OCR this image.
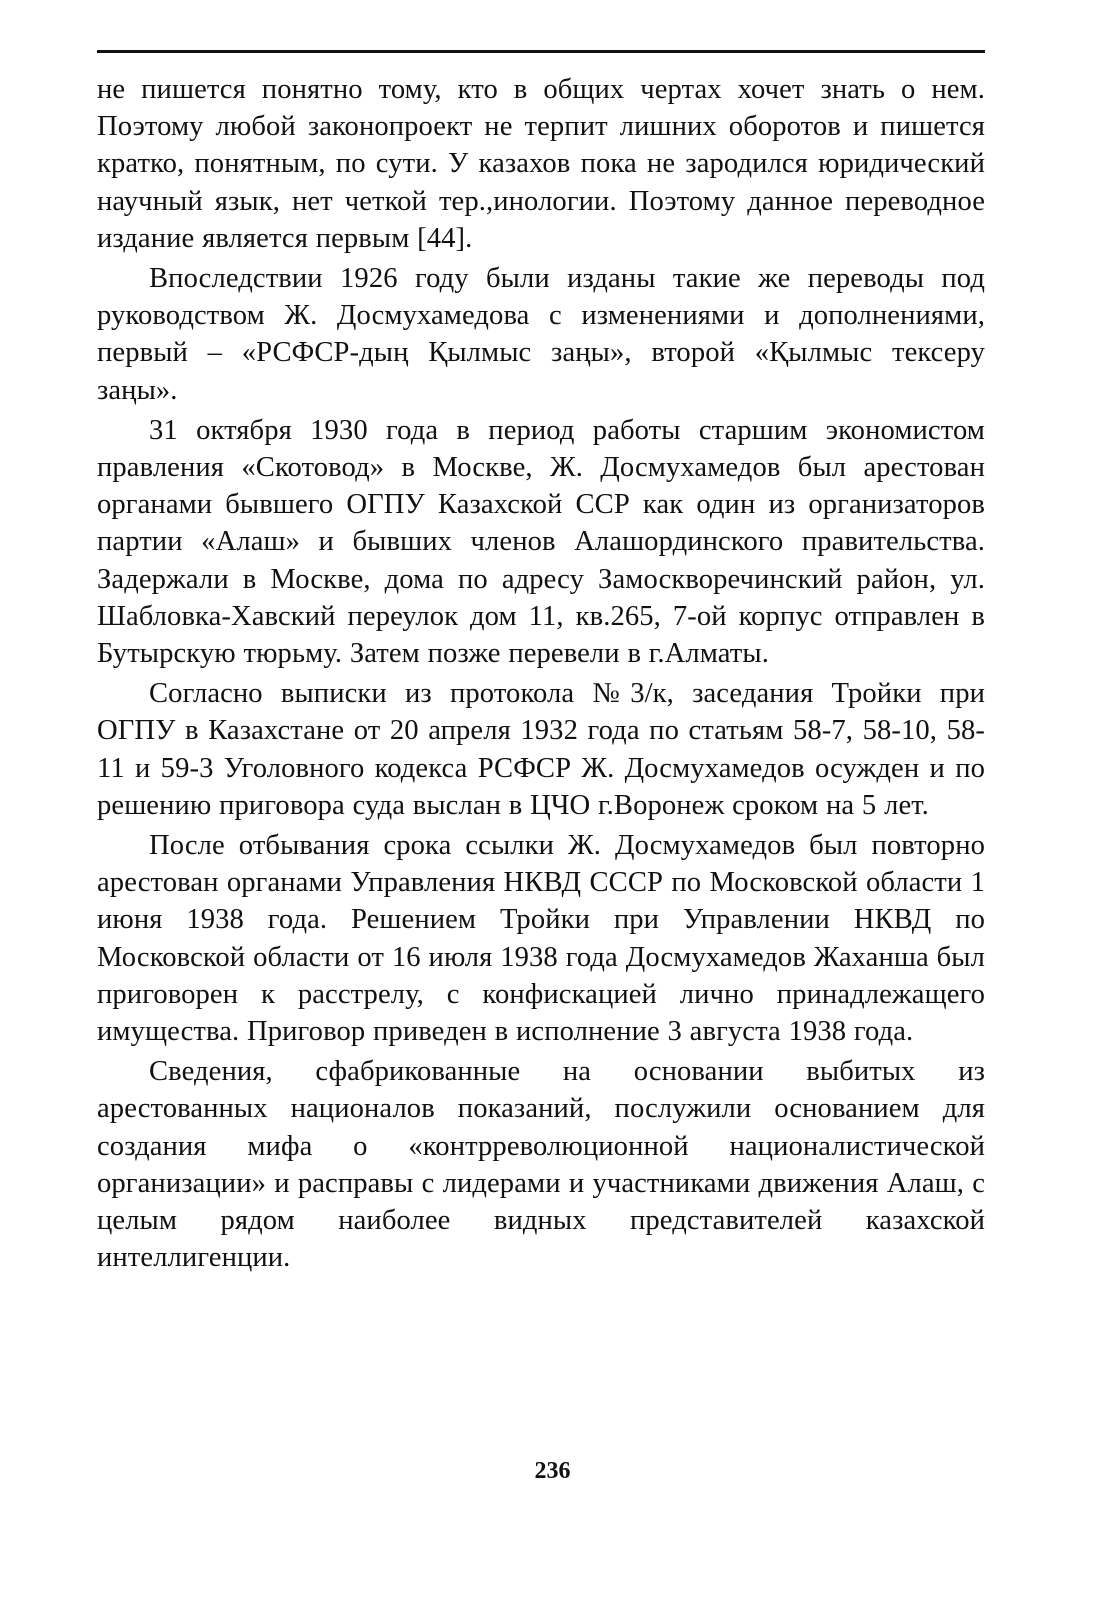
не пишется понятно тому, кто в общих чертах хочет знать о нем. Поэтому любой законопроект не терпит лишних оборотов и пишется кратко, понятным, по сути. У казахов пока не зародился юридический научный язык, нет четкой тер.,инологии. Поэтому данное переводное издание является первым [44].

Впоследствии 1926 году были изданы такие же переводы под руководством Ж. Досмухамедова с изменениями и дополнениями, первый – «РСФСР-дың Қылмыс заңы», второй «Қылмыс тексеру заңы».

31 октября 1930 года в период работы старшим экономистом правления «Скотовод» в Москве, Ж. Досмухамедов был арестован органами бывшего ОГПУ Казахской ССР как один из организаторов партии «Алаш» и бывших членов Алашординского правительства. Задержали в Москве, дома по адресу Замоскворечинский район, ул. Шабловка-Хавский переулок дом 11, кв.265, 7-ой корпус отправлен в Бутырскую тюрьму. Затем позже перевели в г.Алматы.

Согласно выписки из протокола №3/к, заседания Тройки при ОГПУ в Казахстане от 20 апреля 1932 года по статьям 58-7, 58-10, 58-11 и 59-3 Уголовного кодекса РСФСР Ж. Досмухамедов осужден и по решению приговора суда выслан в ЦЧО г.Воронеж сроком на 5 лет.

После отбывания срока ссылки Ж. Досмухамедов был повторно арестован органами Управления НКВД СССР по Московской области 1 июня 1938 года. Решением Тройки при Управлении НКВД по Московской области от 16 июля 1938 года Досмухамедов Жаханша был приговорен к расстрелу, с конфискацией лично принадлежащего имущества. Приговор приведен в исполнение 3 августа 1938 года.

Сведения, сфабрикованные на основании выбитых из арестованных националов показаний, послужили основанием для создания мифа о «контрреволюционной националистической организации» и расправы с лидерами и участниками движения Алаш, с целым рядом наиболее видных представителей казахской интеллигенции.

236
